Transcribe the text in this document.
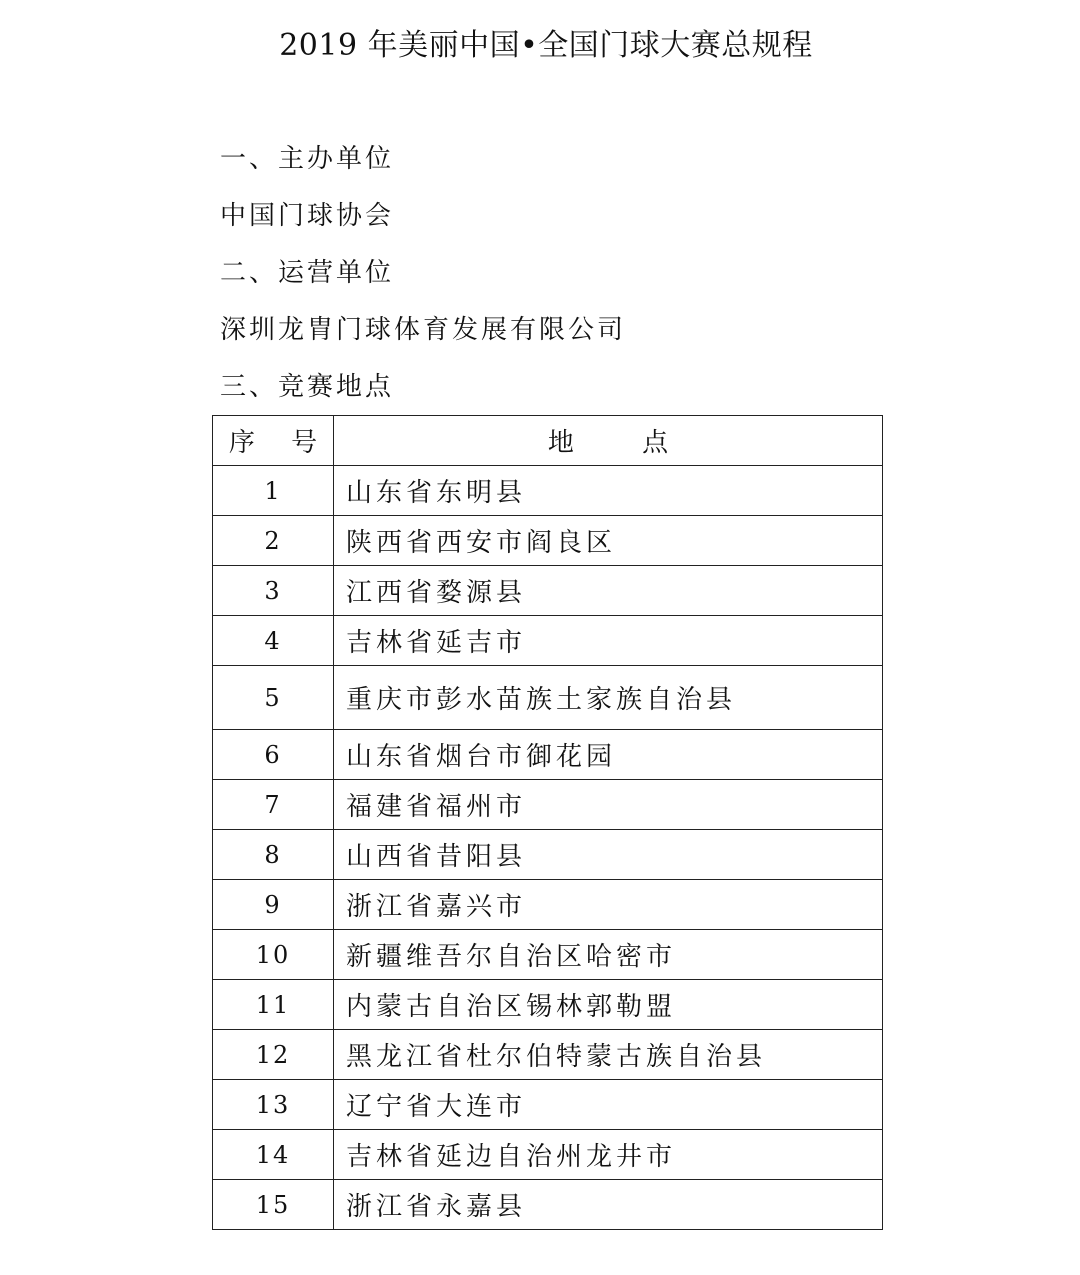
2019 年美丽中国•全国门球大赛总规程
一、主办单位
中国门球协会
二、运营单位
深圳龙胄门球体育发展有限公司
三、竞赛地点
序 号	地 点
1	山东省东明县
2	陕西省西安市阎良区
3	江西省婺源县
4	吉林省延吉市
5	重庆市彭水苗族土家族自治县
6	山东省烟台市御花园
7	福建省福州市
8	山西省昔阳县
9	浙江省嘉兴市
10	新疆维吾尔自治区哈密市
11	内蒙古自治区锡林郭勒盟
12	黑龙江省杜尔伯特蒙古族自治县
13	辽宁省大连市
14	吉林省延边自治州龙井市
15	浙江省永嘉县
